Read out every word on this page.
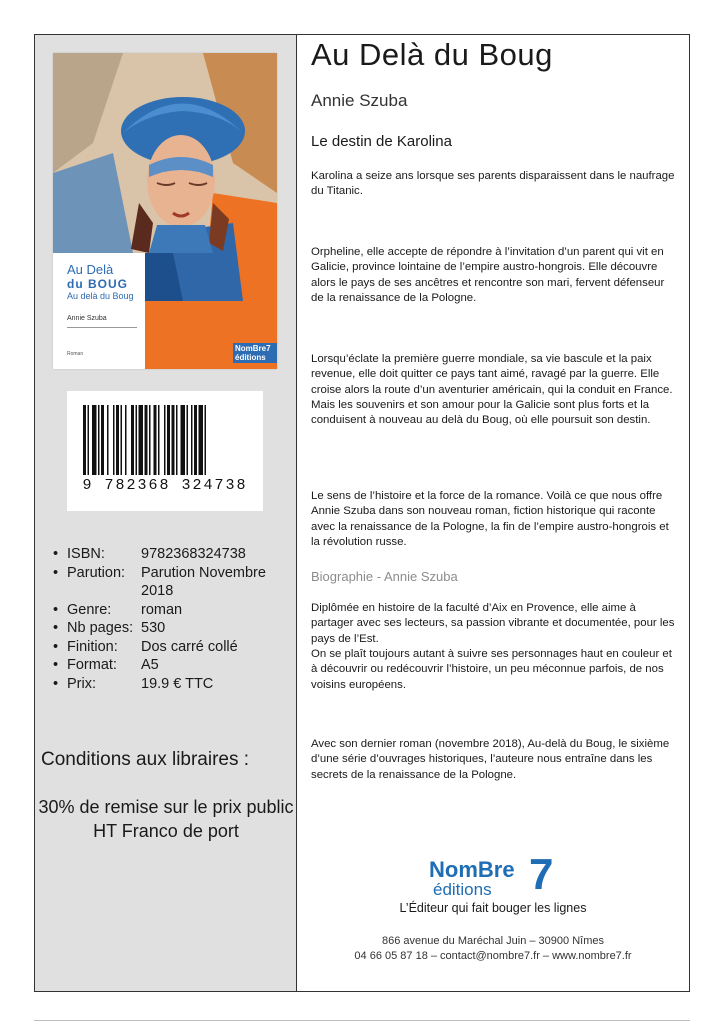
Au Delà
du BOUG
Au delà du Boug
Annie Szuba
Roman
NomBre7 éditions
9 782368 324738
• ISBN:	9782368324738
• Parution:	Parution Novembre 2018
• Genre:	roman
• Nb pages: 530
• Finition:	Dos carré collé
• Format:	A5
• Prix:	19.9 € TTC
Conditions aux libraires :
30% de remise sur le prix public HT Franco de port
Au Delà du Boug
Annie Szuba
Le destin de Karolina

Karolina a seize ans lorsque ses parents disparaissent dans le naufrage du Titanic.

Orpheline, elle accepte de répondre à l’invitation d’un parent qui vit en Galicie, province lointaine de l’empire austro-hongrois. Elle découvre alors le pays de ses ancêtres et rencontre son mari, fervent défenseur de la renaissance de la Pologne.

Lorsqu’éclate la première guerre mondiale, sa vie bascule et la paix revenue, elle doit quitter ce pays tant aimé, ravagé par la guerre. Elle croise alors la route d’un aventurier américain, qui la conduit en France. Mais les souvenirs et son amour pour la Galicie sont plus forts et la conduisent à nouveau au delà du Boug, où elle poursuit son destin.

Le sens de l’histoire et la force de la romance. Voilà ce que nous offre Annie Szuba dans son nouveau roman, fiction historique qui raconte avec la renaissance de la Pologne, la fin de l’empire austro-hongrois et la révolution russe.

Biographie - Annie Szuba

Diplômée en histoire de la faculté d’Aix en Provence, elle aime à partager avec ses lecteurs, sa passion vibrante et documentée, pour les pays de l’Est.

On se plaît toujours autant à suivre ses personnages haut en couleur et à découvrir ou redécouvrir l’histoire, un peu méconnue parfois, de nos voisins européens.

Avec son dernier roman (novembre 2018), Au-delà du Boug, le sixième d’une série d’ouvrages historiques, l’auteure nous entraîne dans les secrets de la renaissance de la Pologne.

NomBre 7
éditions
L’Éditeur qui fait bouger les lignes
866 avenue du Maréchal Juin – 30900 Nîmes
04 66 05 87 18 – contact@nombre7.fr – www.nombre7.fr
